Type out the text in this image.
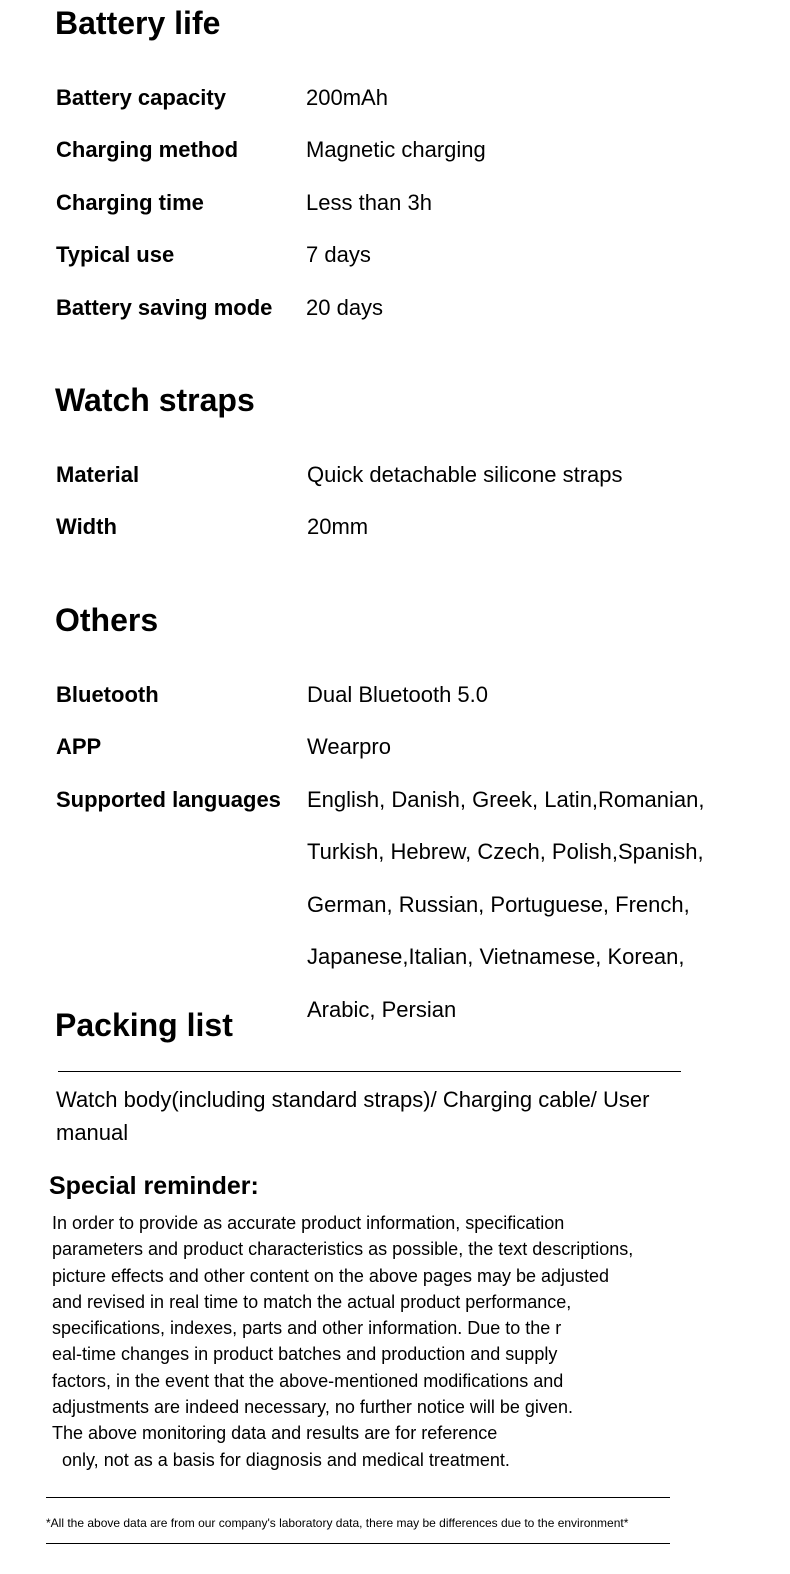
Battery life
Battery capacity	200mAh
Charging method	Magnetic charging
Charging time	Less than 3h
Typical use	7 days
Battery saving mode 20 days
Watch straps
Material	Quick detachable silicone straps
Width	20mm
Others
Bluetooth	Dual Bluetooth 5.0
APP	Wearpro
Supported languages English, Danish, Greek, Latin,Romanian,
Turkish, Hebrew, Czech, Polish,Spanish,
German, Russian, Portuguese, French,
Japanese,Italian, Vietnamese, Korean,
Arabic, Persian
Packing list
Watch body(including standard straps)/ Charging cable/ User manual
Special reminder:
In order to provide as accurate product information, specification
parameters and product characteristics as possible, the text descriptions,
picture effects and other content on the above pages may be adjusted
and revised in real time to match the actual product performance,
specifications, indexes, parts and other information. Due to the r
eal-time changes in product batches and production and supply
factors, in the event that the above-mentioned modifications and
adjustments are indeed necessary, no further notice will be given.
The above monitoring data and results are for reference
only, not as a basis for diagnosis and medical treatment.
*All the above data are from our company's laboratory data, there may be differences due to the environment*
